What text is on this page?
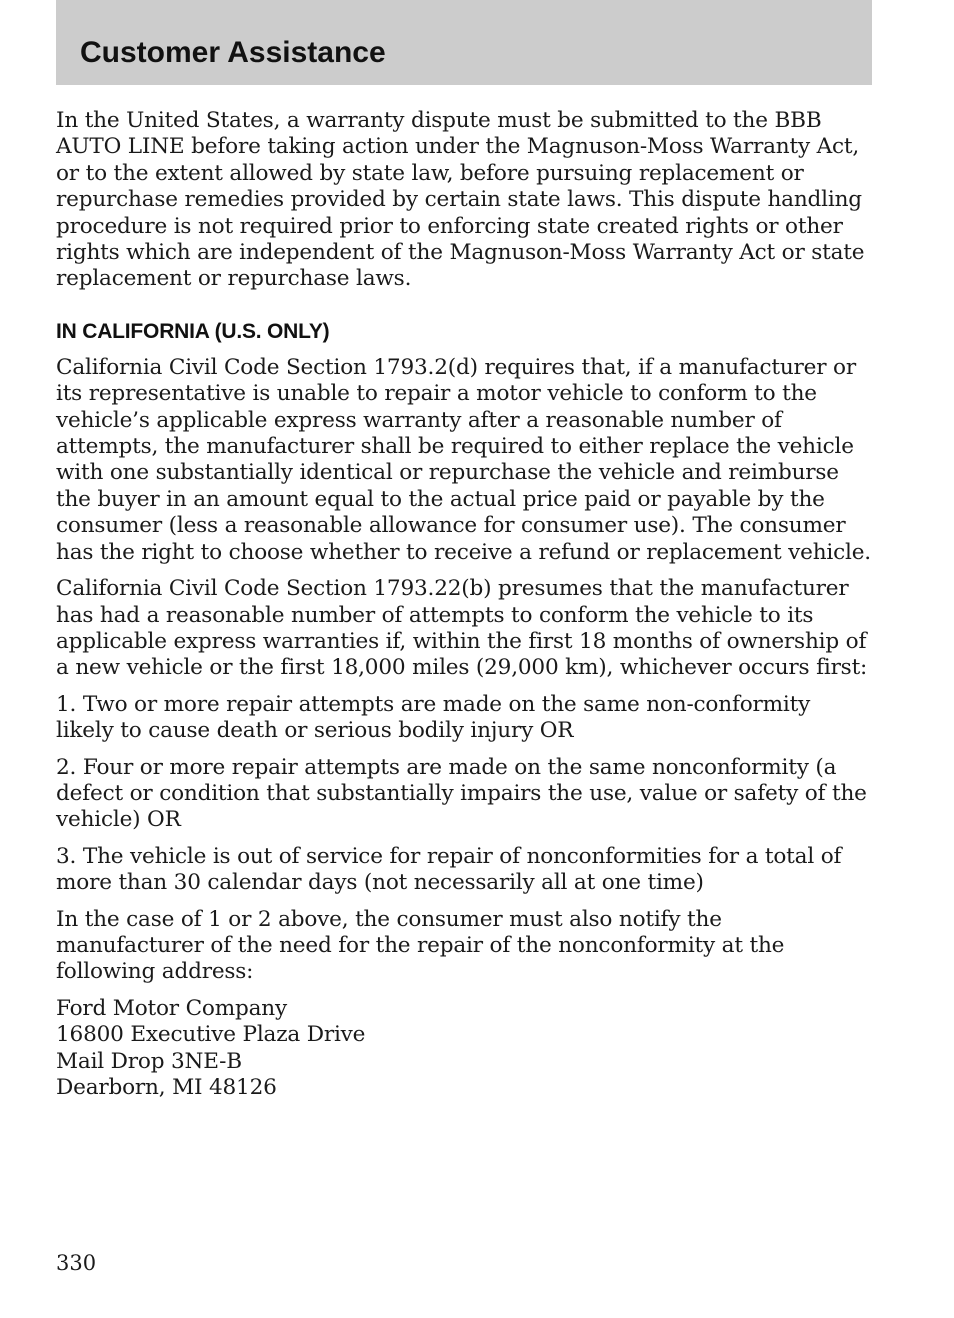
Customer Assistance

In the United States, a warranty dispute must be submitted to the BBB AUTO LINE before taking action under the Magnuson-Moss Warranty Act, or to the extent allowed by state law, before pursuing replacement or repurchase remedies provided by certain state laws. This dispute handling procedure is not required prior to enforcing state created rights or other rights which are independent of the Magnuson-Moss Warranty Act or state replacement or repurchase laws.

IN CALIFORNIA (U.S. ONLY)

California Civil Code Section 1793.2(d) requires that, if a manufacturer or its representative is unable to repair a motor vehicle to conform to the vehicle’s applicable express warranty after a reasonable number of attempts, the manufacturer shall be required to either replace the vehicle with one substantially identical or repurchase the vehicle and reimburse the buyer in an amount equal to the actual price paid or payable by the consumer (less a reasonable allowance for consumer use). The consumer has the right to choose whether to receive a refund or replacement vehicle.

California Civil Code Section 1793.22(b) presumes that the manufacturer has had a reasonable number of attempts to conform the vehicle to its applicable express warranties if, within the first 18 months of ownership of a new vehicle or the first 18,000 miles (29,000 km), whichever occurs first:

1. Two or more repair attempts are made on the same non-conformity likely to cause death or serious bodily injury OR

2. Four or more repair attempts are made on the same nonconformity (a defect or condition that substantially impairs the use, value or safety of the vehicle) OR

3. The vehicle is out of service for repair of nonconformities for a total of more than 30 calendar days (not necessarily all at one time)

In the case of 1 or 2 above, the consumer must also notify the manufacturer of the need for the repair of the nonconformity at the following address:

Ford Motor Company
16800 Executive Plaza Drive
Mail Drop 3NE-B
Dearborn, MI 48126

330
